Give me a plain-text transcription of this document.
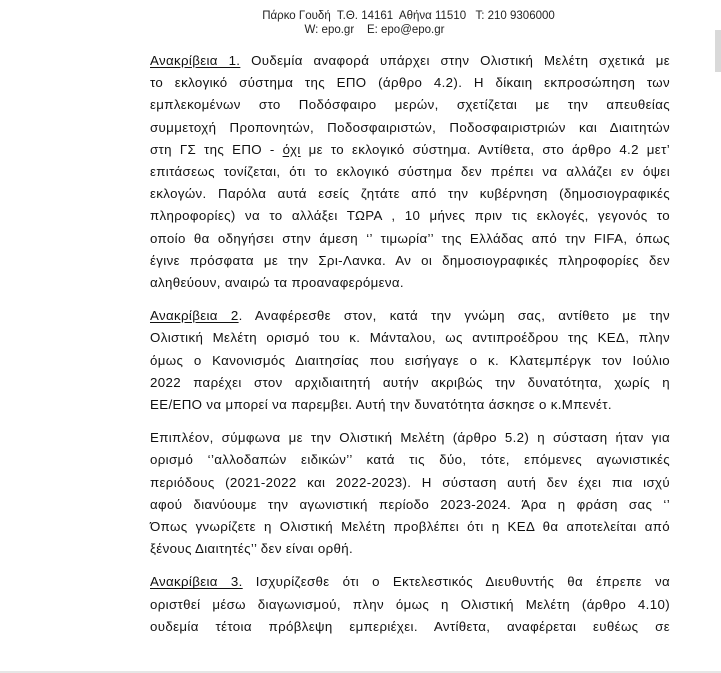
Πάρκο Γουδή  Τ.Θ. 14161  Αθήνα 11510   Τ: 210 9306000
W: epo.gr    E: epo@epo.gr
Ανακρίβεια 1. Ουδεμία αναφορά υπάρχει στην Ολιστική Μελέτη σχετικά με
το εκλογικό σύστημα της ΕΠΟ (άρθρο 4.2). Η δίκαιη εκπροσώπηση των
εμπλεκομένων στο Ποδόσφαιρο μερών, σχετίζεται με την απευθείας
συμμετοχή Προπονητών, Ποδοσφαιριστών, Ποδοσφαιριστριών και Διαιτητών
στη ΓΣ της ΕΠΟ - όχι με το εκλογικό σύστημα. Αντίθετα, στο άρθρο 4.2 μετ’
επιτάσεως τονίζεται, ότι το εκλογικό σύστημα δεν πρέπει να αλλάζει εν όψει
εκλογών. Παρόλα αυτά εσείς ζητάτε από την κυβέρνηση (δημοσιογραφικές
πληροφορίες) να το αλλάξει ΤΩΡΑ , 10 μήνες πριν τις εκλογές, γεγονός το
οποίο θα οδηγήσει στην άμεση ‘’ τιμωρία’’ της Ελλάδας από την FIFA, όπως
έγινε πρόσφατα με την Σρι-Λανκα. Αν οι δημοσιογραφικές πληροφορίες δεν
αληθεύουν, αναιρώ τα προαναφερόμενα.
Ανακρίβεια 2. Αναφέρεσθε στον, κατά την γνώμη σας, αντίθετο με την
Ολιστική Μελέτη ορισμό του κ. Μάνταλου, ως αντιπροέδρου της ΚΕΔ, πλην
όμως ο Κανονισμός Διαιτησίας που εισήγαγε ο κ. Κλατεμπέργκ τον Ιούλιο
2022 παρέχει στον αρχιδιαιτητή αυτήν ακριβώς την δυνατότητα, χωρίς η
ΕΕ/ΕΠΟ να μπορεί να παρεμβει. Αυτή την δυνατότητα άσκησε ο κ.Μπενέτ.
Επιπλέον, σύμφωνα με την Ολιστική Μελέτη (άρθρο 5.2) η σύσταση ήταν για
ορισμό ‘’αλλοδαπών ειδικών’’ κατά τις δύο, τότε, επόμενες αγωνιστικές
περιόδους (2021-2022 και 2022-2023). Η σύσταση αυτή δεν έχει πια ισχύ
αφού διανύουμε την αγωνιστική περίοδο 2023-2024. Άρα η φράση σας ‘’
Όπως γνωρίζετε η Ολιστική Μελέτη προβλέπει ότι η ΚΕΔ θα αποτελείται από
ξένους Διαιτητές’’ δεν είναι ορθή.
Ανακρίβεια 3. Ισχυρίζεσθε ότι ο Εκτελεστικός Διευθυντής θα έπρεπε να
οριστθεί μέσω διαγωνισμού, πλην όμως η Ολιστική Μελέτη (άρθρο 4.10)
ουδεμία τέτοια πρόβλεψη εμπεριέχει. Αντίθετα, αναφέρεται ευθέως σε
